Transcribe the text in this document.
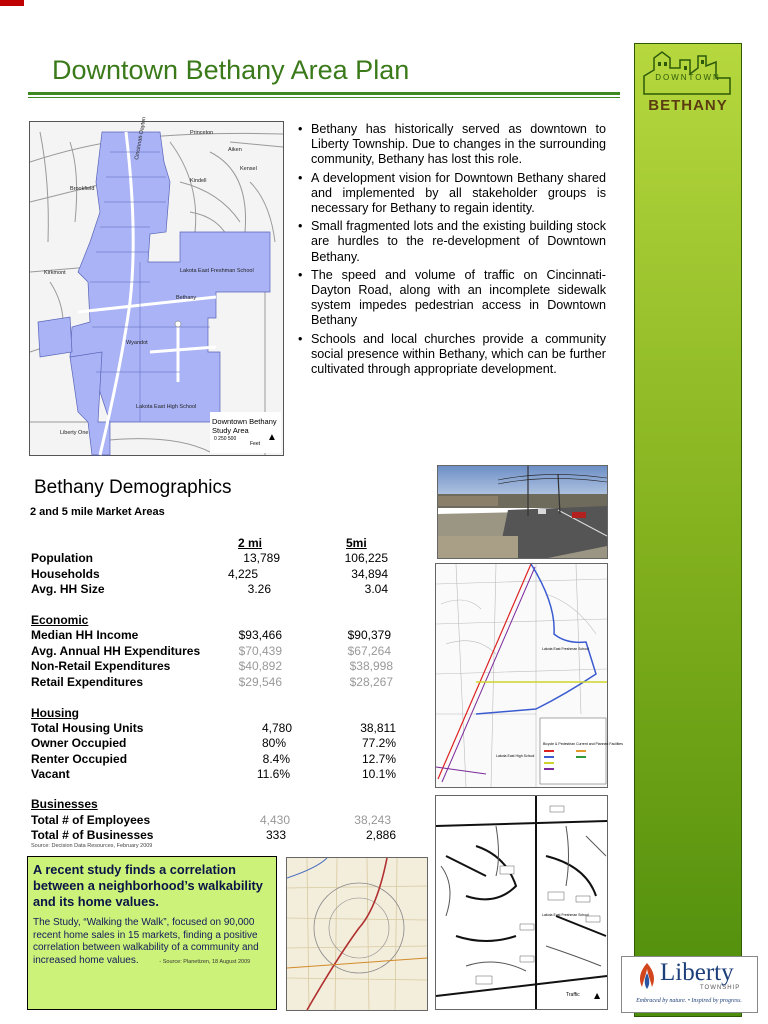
Downtown Bethany Area Plan	DOWNTOWN
BETHANY
Liberty
TOWNSHIP
Embraced by nature. • Inspired by progress.
Princeton
Aiken
Cincinnati-Dayton
Kensel
Kindell
Lakota East Freshman School
Kirkmont
Bethany
Wyandot
Lakota East High School
Liberty One
Brookfield
Downtown Bethany Study Area
0 250 500
Feet
▲
• Bethany has historically served as downtown to Liberty Township. Due to changes in the surrounding community, Bethany has lost this role.
• A development vision for Downtown Bethany shared and implemented by all stakeholder groups is necessary for Bethany to regain identity.
• Small fragmented lots and the existing building stock are hurdles to the re-development of Downtown Bethany.
• The speed and volume of traffic on Cincinnati-Dayton Road, along with an incomplete sidewalk system impedes pedestrian access in Downtown Bethany
• Schools and local churches provide a community social presence within Bethany, which can be further cultivated through appropriate development.
Bethany Demographics
2 and 5 mile Market Areas
2 mi	5mi
Population	13,789	106,225
Households	4,225	34,894
Avg. HH Size	3.26	3.04
Economic
Median HH Income	$93,466	$90,379
Avg. Annual HH Expenditures	$70,439	$67,264
Non-Retail Expenditures	$40,892	$38,998
Retail Expenditures	$29,546	$28,267
Housing
Total Housing Units	4,780	38,811
Owner Occupied	80%	77.2%
Renter Occupied	8.4%	12.7%
Vacant	11.6%	10.1%
Businesses
Total # of Employees	4,430	38,243
Total # of Businesses	333	2,886
Source: Decision Data Resources, February 2009
Bicycle & Pedestrian Current and Planned Facilities
Lakota East Freshman School
Lakota East High School
Lakota East Freshman School
Traffic ▲
A recent study finds a correlation between a neighborhood’s walkability and its home values.
The Study, “Walking the Walk”, focused on 90,000 recent home sales in 15 markets, finding a positive correlation between walkability of a community and increased home values.	- Source: Planetizen, 18 August 2009
